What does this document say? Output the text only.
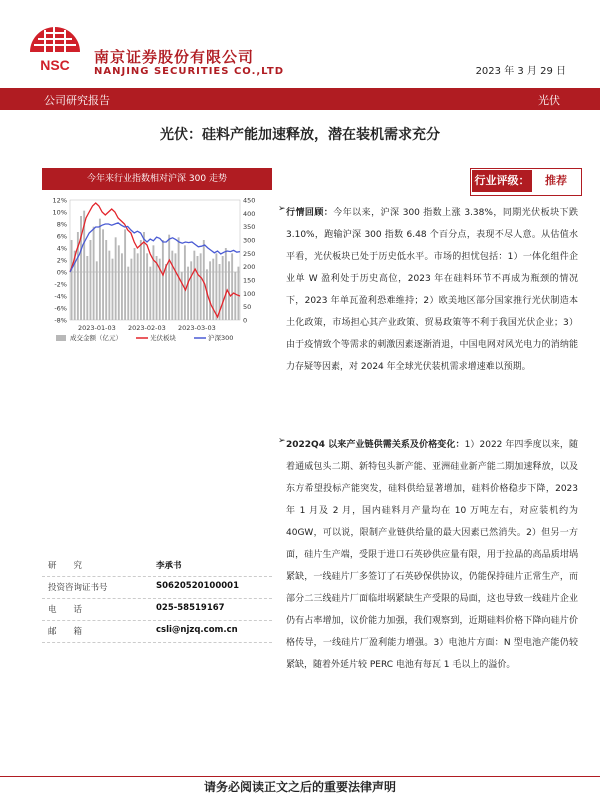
NSC 南京证券股份有限公司
NANJING SECURITIES CO.,LTD	2023 年 3 月 29 日
公司研究报告	光伏
光伏：硅料产能加速释放，潜在装机需求充分
今年来行业指数相对沪深 300 走势
12%
10%
8%
6%
4%
2%
0%
-2%
-4%
-6%
-8%
450
400
350
300
250
200
150
100
50
0
2023-01-03 2023-02-03 2023-03-03
成交金额（亿元）	光伏板块	沪深300
行业评级：	推荐
➢ 行情回顾：今年以来，沪深 300 指数上涨 3.38%，同期光伏板块下跌 3.10%，跑输沪深 300 指数 6.48 个百分点，表现不尽人意。从估值水平看，光伏板块已处于历史低水平。市场的担忧包括：1）一体化组件企业单 W 盈利处于历史高位，2023 年在硅料环节不再成为瓶颈的情况下，2023 年单瓦盈利恐难维持；2）欧美地区部分国家推行光伏制造本土化政策，市场担心其产业政策、贸易政策等不利于我国光伏企业；3）由于疫情致个等需求的刺激因素逐渐消退，中国电网对风光电力的消纳能力存疑等因素，对 2024 年全球光伏装机需求增速难以预期。
➢ 2022Q4 以来产业链供需关系及价格变化：1）2022 年四季度以来，随着通威包头二期、新特包头新产能、亚洲硅业新产能二期加速释放，以及东方希望投标产能突发，硅料供给显著增加，硅料价格稳步下降，2023 年 1 月及 2 月，国内硅料月产量均在 10 万吨左右，对应装机约为 40GW，可以说，限制产业链供给量的最大因素已然消失。2）但另一方面，硅片生产端，受限于进口石英砂供应量有限，用于拉晶的高品质坩埚紧缺，一线硅片厂多签订了石英砂保供协议，仍能保持硅片正常生产，而部分二三线硅片厂面临坩埚紧缺生产受限的局面，这也导致一线硅片企业仍有占率增加，议价能力加强，我们观察到，近期硅料价格下降向硅片价格传导，一线硅片厂盈利能力增强。3）电池片方面：N 型电池产能仍较紧缺，随着外延片较 PERC 电池有每瓦 1 毛以上的溢价。
研　　究	李承书
投资咨询证书号	S0620520100001
电　　话	025-58519167
邮　　箱	csli@njzq.com.cn
请务必阅读正文之后的重要法律声明
